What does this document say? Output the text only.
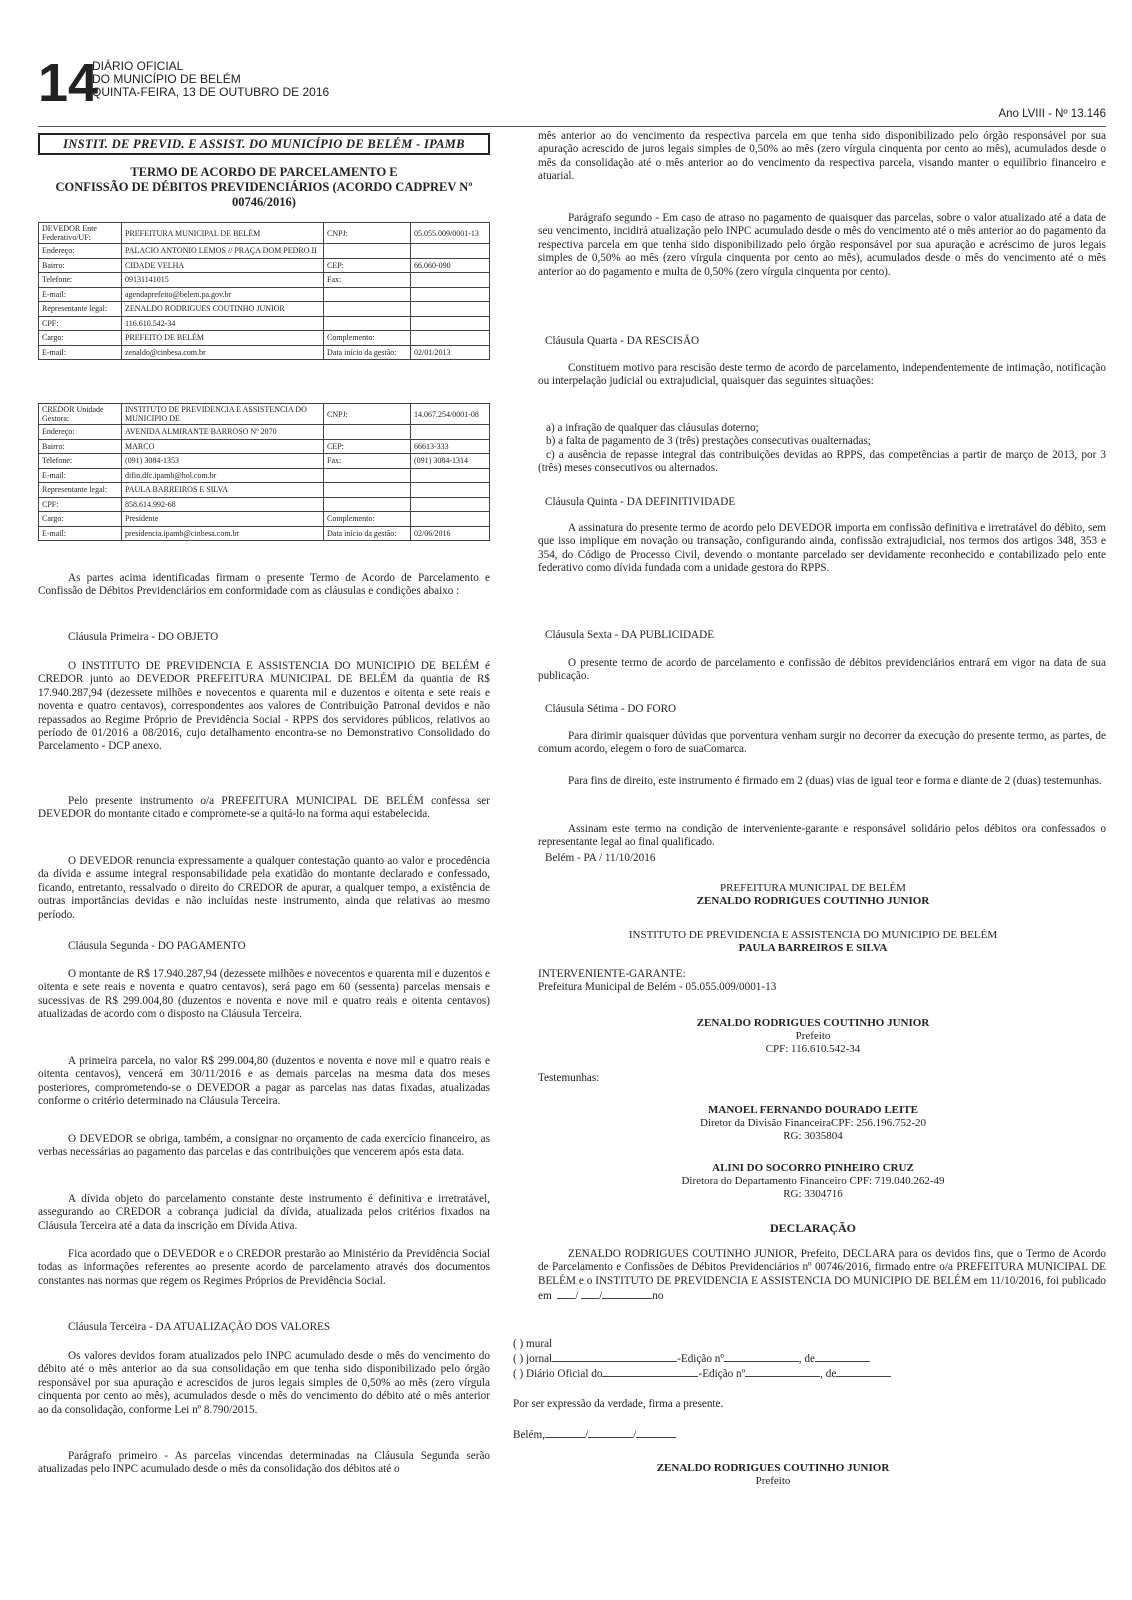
14
DIÁRIO OFICIAL
DO MUNICÍPIO DE BELÉM
QUINTA-FEIRA, 13 DE OUTUBRO DE 2016
Ano LVIII - Nº 13.146
INSTIT. DE PREVID. E ASSIST. DO MUNICÍPIO DE BELÉM - IPAMB
TERMO DE ACORDO DE PARCELAMENTO E
CONFISSÃO DE DÉBITOS PREVIDENCIÁRIOS (ACORDO CADPREV Nº
00746/2016)
DEVEDOR Ente Federativo/UF:	PREFEITURA MUNICIPAL DE BELÉM	CNPJ:	05.055.009/0001-13
Endereço:	PALACIO ANTONIO LEMOS // PRAÇA DOM PEDRO II		
Bairro:	CIDADE VELHA	CEP:	66.060-090
Telefone:	09131141015	Fax:	
E-mail:	agendaprefeito@belem.pa.gov.br		
Representante legal:	ZENALDO RODRIGUES COUTINHO JUNIOR		
CPF:	116.610.542-34		
Cargo:	PREFEITO DE BELÉM	Complemento:	
E-mail:	zenaldo@cinbesa.com.br	Data início da gestão:	02/01/2013
CREDOR Unidade Gestora:	INSTITUTO DE PREVIDENCIA E ASSISTENCIA DO MUNICIPIO DE	CNPJ:	14.067.254/0001-08
Endereço:	AVENIDA ALMIRANTE BARROSO Nº 2070		
Bairro:	MARCO	CEP:	66613-333
Telefone:	(091) 3084-1353	Fax:	(091) 3084-1314
E-mail:	difin.dfc.ipamb@hol.com.br		
Representante legal:	PAULA BARREIROS E SILVA		
CPF:	858.614.992-68		
Cargo:	Presidente	Complemento:	
E-mail:	presidencia.ipamb@cinbesa.com.br	Data início da gestão:	02/06/2016

As partes acima identificadas firmam o presente Termo de Acordo de Parcelamento e Confissão de Débitos Previdenciários em conformidade com as cláusulas e condições abaixo :

Cláusula Primeira - DO OBJETO

O INSTITUTO DE PREVIDENCIA E ASSISTENCIA DO MUNICIPIO DE BELÉM é CREDOR junto ao DEVEDOR PREFEITURA MUNICIPAL DE BELÉM da quantia de R$ 17.940.287,94 (dezessete milhões e novecentos e quarenta mil e duzentos e oitenta e sete reais e noventa e quatro centavos), correspondentes aos valores de Contribuição Patronal devidos e não repassados ao Regime Próprio de Previdência Social - RPPS dos servidores públicos, relativos ao período de 01/2016 a 08/2016, cujo detalhamento encontra-se no Demonstrativo Consolidado do Parcelamento - DCP anexo.

Pelo presente instrumento o/a PREFEITURA MUNICIPAL DE BELÉM confessa ser DEVEDOR do montante citado e compromete-se a quitá-lo na forma aqui estabelecida.

O DEVEDOR renuncia expressamente a qualquer contestação quanto ao valor e procedência da dívida e assume integral responsabilidade pela exatidão do montante declarado e confessado, ficando, entretanto, ressalvado o direito do CREDOR de apurar, a qualquer tempo, a existência de outras importâncias devidas e não incluídas neste instrumento, ainda que relativas ao mesmo período.

Cláusula Segunda - DO PAGAMENTO

O montante de R$ 17.940.287,94 (dezessete milhões e novecentos e quarenta mil e duzentos e oitenta e sete reais e noventa e quatro centavos), será pago em 60 (sessenta) parcelas mensais e sucessivas de R$ 299.004,80 (duzentos e noventa e nove mil e quatro reais e oitenta centavos) atualizadas de acordo com o disposto na Cláusula Terceira.

A primeira parcela, no valor R$ 299.004,80 (duzentos e noventa e nove mil e quatro reais e oitenta centavos), vencerá em 30/11/2016 e as demais parcelas na mesma data dos meses posteriores, comprometendo-se o DEVEDOR a pagar as parcelas nas datas fixadas, atualizadas conforme o critério determinado na Cláusula Terceira.

O DEVEDOR se obriga, também, a consignar no orçamento de cada exercício financeiro, as verbas necessárias ao pagamento das parcelas e das contribuições que vencerem após esta data.

A dívida objeto do parcelamento constante deste instrumento é definitiva e irretratável, assegurando ao CREDOR a cobrança judicial da dívida, atualizada pelos critérios fixados na Cláusula Terceira até a data da inscrição em Dívida Ativa.

Fica acordado que o DEVEDOR e o CREDOR prestarão ao Ministério da Previdência Social todas as informações referentes ao presente acordo de parcelamento através dos documentos constantes nas normas que regem os Regimes Próprios de Previdência Social.

Cláusula Terceira - DA ATUALIZAÇÃO DOS VALORES

Os valores devidos foram atualizados pelo INPC acumulado desde o mês do vencimento do débito até o mês anterior ao da sua consolidação em que tenha sido disponibilizado pelo órgão responsável por sua apuração e acrescidos de juros legais simples de 0,50% ao mês (zero vírgula cinquenta por cento ao mês), acumulados desde o mês do vencimento do débito até o mês anterior ao da consolidação, conforme Lei nº 8.790/2015.

Parágrafo primeiro - As parcelas vincendas determinadas na Cláusula Segunda serão atualizadas pelo INPC acumulado desde o mês da consolidação dos débitos até o

mês anterior ao do vencimento da respectiva parcela em que tenha sido disponibilizado pelo órgão responsável por sua apuração acrescido de juros legais simples de 0,50% ao mês (zero vírgula cinquenta por cento ao mês), acumulados desde o mês da consolidação até o mês anterior ao do vencimento da respectiva parcela, visando manter o equilíbrio financeiro e atuarial.

Parágrafo segundo - Em caso de atraso no pagamento de quaisquer das parcelas, sobre o valor atualizado até a data de seu vencimento, incidirá atualização pelo INPC acumulado desde o mês do vencimento até o mês anterior ao do pagamento da respectiva parcela em que tenha sido disponibilizado pelo órgão responsável por sua apuração e acréscimo de juros legais simples de 0,50% ao mês (zero vírgula cinquenta por cento ao mês), acumulados desde o mês do vencimento até o mês anterior ao do pagamento e multa de 0,50% (zero vírgula cinquenta por cento).

Cláusula Quarta - DA RESCISÃO

Constituem motivo para rescisão deste termo de acordo de parcelamento, independentemente de intimação, notificação ou interpelação judicial ou extrajudicial, quaisquer das seguintes situações:

a) a infração de qualquer das cláusulas doterno;
b) a falta de pagamento de 3 (três) prestações consecutivas oualternadas;

c) a ausência de repasse integral das contribuições devidas ao RPPS, das competências a partir de março de 2013, por 3 (três) meses consecutivos ou alternados.

Cláusula Quinta - DA DEFINITIVIDADE

A assinatura do presente termo de acordo pelo DEVEDOR importa em confissão definitiva e irretratável do débito, sem que isso implique em novação ou transação, configurando ainda, confissão extrajudicial, nos termos dos artigos 348, 353 e 354, do Código de Processo Civil, devendo o montante parcelado ser devidamente reconhecido e contabilizado pelo ente federativo como dívida fundada com a unidade gestora do RPPS.

Cláusula Sexta - DA PUBLICIDADE

O presente termo de acordo de parcelamento e confissão de débitos previdenciários entrará em vigor na data de sua publicação.

Cláusula Sétima - DO FORO

Para dirimir quaisquer dúvidas que porventura venham surgir no decorrer da execução do presente termo, as partes, de comum acordo, elegem o foro de suaComarca.

Para fins de direito, este instrumento é firmado em 2 (duas) vias de igual teor e forma e diante de 2 (duas) testemunhas.

Assinam este termo na condição de interveniente-garante e responsável solidário pelos débitos ora confessados o representante legal ao final qualificado.

Belém - PA / 11/10/2016
PREFEITURA MUNICIPAL DE BELÉM
ZENALDO RODRIGUES COUTINHO JUNIOR
INSTITUTO DE PREVIDENCIA E ASSISTENCIA DO MUNICIPIO DE BELÉM
PAULA BARREIROS E SILVA
INTERVENIENTE-GARANTE:
Prefeitura Municipal de Belém - 05.055.009/0001-13
ZENALDO RODRIGUES COUTINHO JUNIOR
Prefeito
CPF: 116.610.542-34
Testemunhas:
MANOEL FERNANDO DOURADO LEITE
Diretor da Divisão FinanceiraCPF: 256.196.752-20
RG: 3035804
ALINI DO SOCORRO PINHEIRO CRUZ
Diretora do Departamento Financeiro CPF: 719.040.262-49
RG: 3304716
DECLARAÇÃO

ZENALDO RODRIGUES COUTINHO JUNIOR, Prefeito, DECLARA para os devidos fins, que o Termo de Acordo de Parcelamento e Confissões de Débitos Previdenciários nº 00746/2016, firmado entre o/a PREFEITURA MUNICIPAL DE BELÉM e o INSTITUTO DE PREVIDENCIA E ASSISTENCIA DO MUNICIPIO DE BELÉM em 11/10/2016, foi publicado em / /	no

( ) mural
( ) jornal	-Edição nº	, de
( ) Diário Oficial do	-Edição nº	, de
Por ser expressão da verdade, firma a presente.
Belém,	/	/
ZENALDO RODRIGUES COUTINHO JUNIOR
Prefeito
